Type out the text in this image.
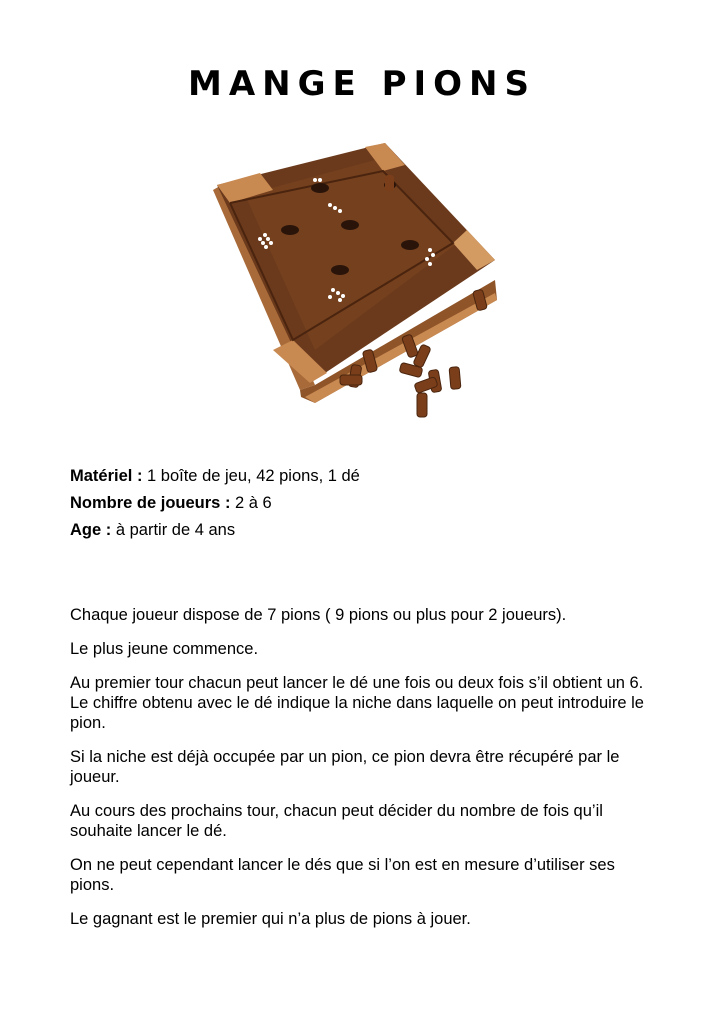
MANGE PIONS
Matériel : 1 boîte de jeu, 42 pions, 1 dé
Nombre de joueurs : 2 à 6
Age : à partir de 4 ans

Chaque joueur dispose de 7 pions ( 9 pions ou plus pour 2 joueurs).

Le plus jeune commence.

Au premier tour chacun peut lancer le dé une fois ou deux fois s’il obtient un 6. Le chiffre obtenu avec le dé indique la niche dans laquelle on peut introduire le pion.

Si la niche est déjà occupée par un pion, ce pion devra être récupéré par le joueur.

Au cours des prochains tour, chacun peut décider du nombre de fois qu’il souhaite lancer le dé.

On ne peut cependant lancer le dés que si l’on est en mesure d’utiliser ses pions.

Le gagnant est le premier qui n’a plus de pions à jouer.
